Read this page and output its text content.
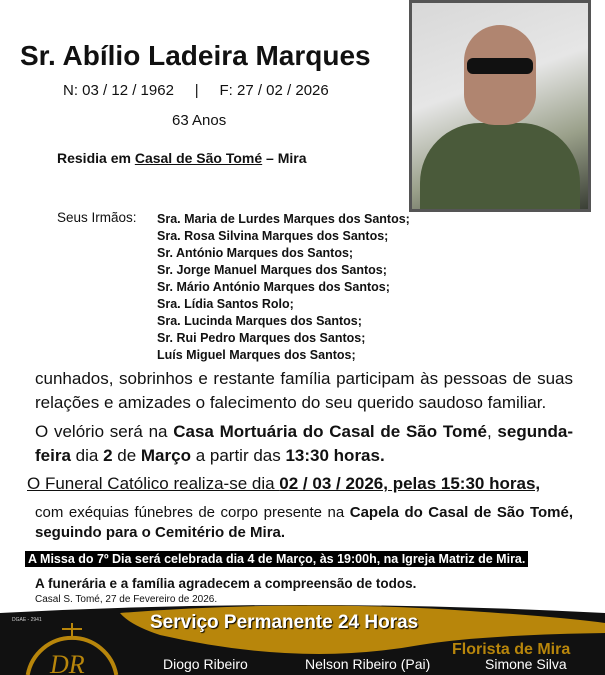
Sr. Abílio Ladeira Marques
N: 03 / 12 / 1962     |     F: 27 / 02 / 2026
63 Anos
Residia em Casal de São Tomé – Mira
Seus Irmãos: Sra. Maria de Lurdes Marques dos Santos;
Sra. Rosa Silvina Marques dos Santos;
Sr. António Marques dos Santos;
Sr. Jorge Manuel Marques dos Santos;
Sr. Mário António Marques dos Santos;
Sra. Lídia Santos Rolo;
Sra. Lucinda Marques dos Santos;
Sr. Rui Pedro Marques dos Santos;
Luís Miguel Marques dos Santos;
cunhados, sobrinhos e restante família participam às pessoas de suas relações e amizades o falecimento do seu querido saudoso familiar.
O velório será na Casa Mortuária do Casal de São Tomé, segunda-feira dia 2 de Março a partir das 13:30 horas.
O Funeral Católico realiza-se dia 02 / 03 / 2026, pelas 15:30 horas,
com exéquias fúnebres de corpo presente na Capela do Casal de São Tomé, seguindo para o Cemitério de Mira.
A Missa do 7º Dia será celebrada dia 4 de Março, às 19:00h, na Igreja Matriz de Mira.
A funerária e a família agradecem a compreensão de todos.
Casal S. Tomé, 27 de Fevereiro de 2026.
DR
DGAE - 2941	Serviço Permanente 24 Horas
Florista de Mira
Diogo Ribeiro	Nelson Ribeiro (Pai)	Simone Silva
